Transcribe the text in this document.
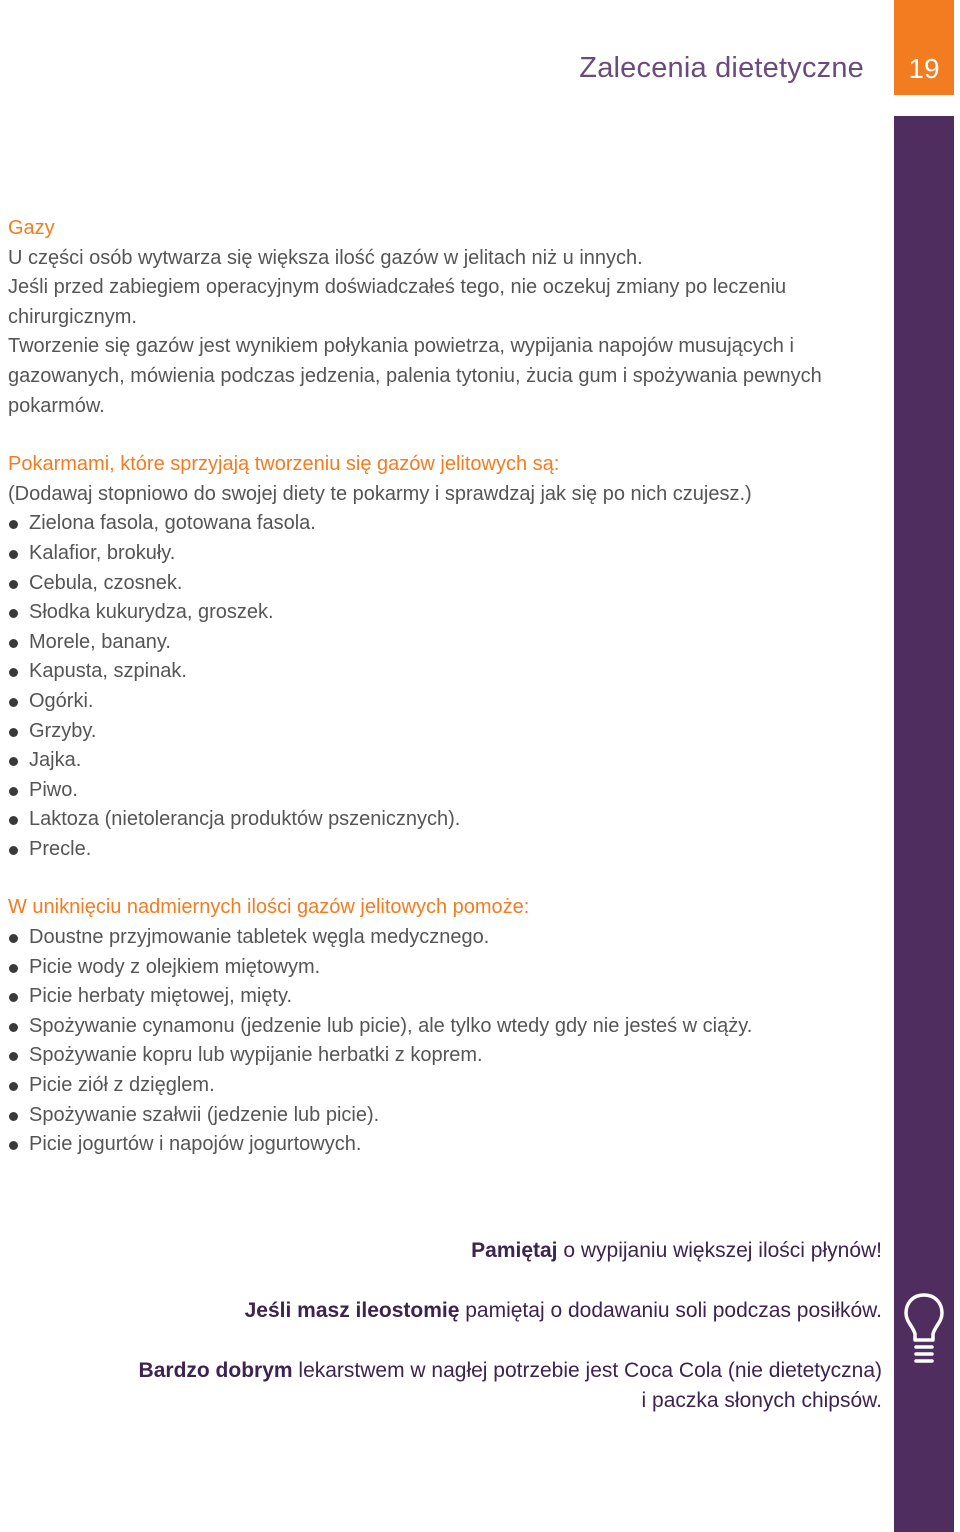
Zalecenia dietetyczne	19

Gazy

U części osób wytwarza się większa ilość gazów w jelitach niż u innych.

Jeśli przed zabiegiem operacyjnym doświadczałeś tego, nie oczekuj zmiany po leczeniu chirurgicznym.

Tworzenie się gazów jest wynikiem połykania powietrza, wypijania napojów musujących i gazowanych, mówienia podczas jedzenia, palenia tytoniu, żucia gum i spożywania pewnych pokarmów.

Pokarmami, które sprzyjają tworzeniu się gazów jelitowych są:

(Dodawaj stopniowo do swojej diety te pokarmy i sprawdzaj jak się po nich czujesz.)

Zielona fasola, gotowana fasola.
Kalafior, brokuły.
Cebula, czosnek.
Słodka kukurydza, groszek.
Morele, banany.
Kapusta, szpinak.
Ogórki.
Grzyby.
Jajka.
Piwo.
Laktoza (nietolerancja produktów pszenicznych).
Precle.

W uniknięciu nadmiernych ilości gazów jelitowych pomoże:

Doustne przyjmowanie tabletek węgla medycznego.
Picie wody z olejkiem miętowym.
Picie herbaty miętowej, mięty.
Spożywanie cynamonu (jedzenie lub picie), ale tylko wtedy gdy nie jesteś w ciąży.
Spożywanie kopru lub wypijanie herbatki z koprem.
Picie ziół z dzięglem.
Spożywanie szałwii (jedzenie lub picie).
Picie jogurtów i napojów jogurtowych.

Pamiętaj o wypijaniu większej ilości płynów!

Jeśli masz ileostomię pamiętaj o dodawaniu soli podczas posiłków.

Bardzo dobrym lekarstwem w nagłej potrzebie jest Coca Cola (nie dietetyczna)
i paczka słonych chipsów.
